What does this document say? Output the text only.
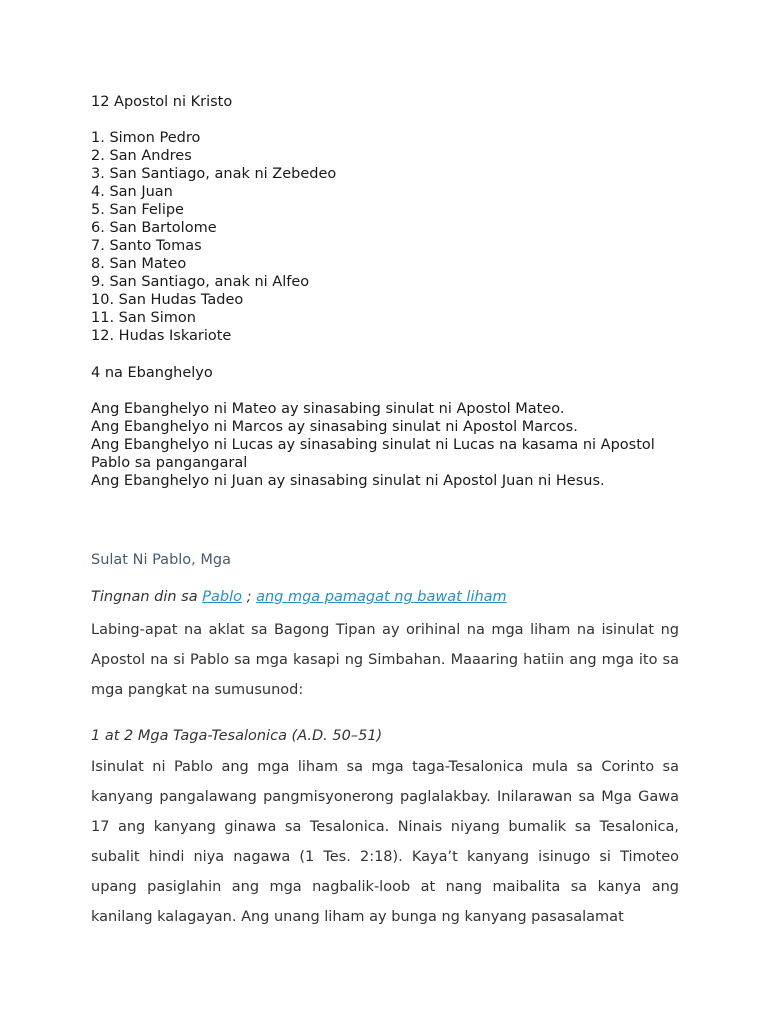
12 Apostol ni Kristo
1. Simon Pedro
2. San Andres
3. San Santiago, anak ni Zebedeo
4. San Juan
5. San Felipe
6. San Bartolome
7. Santo Tomas
8. San Mateo
9. San Santiago, anak ni Alfeo
10. San Hudas Tadeo
11. San Simon
12. Hudas Iskariote
4 na Ebanghelyo
Ang Ebanghelyo ni Mateo ay sinasabing sinulat ni Apostol Mateo.
Ang Ebanghelyo ni Marcos ay sinasabing sinulat ni Apostol Marcos.
Ang Ebanghelyo ni Lucas ay sinasabing sinulat ni Lucas na kasama ni Apostol Pablo sa pangangaral
Ang Ebanghelyo ni Juan ay sinasabing sinulat ni Apostol Juan ni Hesus.
Sulat Ni Pablo, Mga
Tingnan din sa Pablo ; ang mga pamagat ng bawat liham
Labing-apat na aklat sa Bagong Tipan ay orihinal na mga liham na isinulat ng Apostol na si Pablo sa mga kasapi ng Simbahan. Maaaring hatiin ang mga ito sa mga pangkat na sumusunod:
1 at 2 Mga Taga-Tesalonica (A.D. 50–51)
Isinulat ni Pablo ang mga liham sa mga taga-Tesalonica mula sa Corinto sa kanyang pangalawang pangmisyonerong paglalakbay. Inilarawan sa Mga Gawa 17 ang kanyang ginawa sa Tesalonica. Ninais niyang bumalik sa Tesalonica, subalit hindi niya nagawa (1 Tes. 2:18). Kaya’t kanyang isinugo si Timoteo upang pasiglahin ang mga nagbalik-loob at nang maibalita sa kanya ang kanilang kalagayan. Ang unang liham ay bunga ng kanyang pasasalamat
